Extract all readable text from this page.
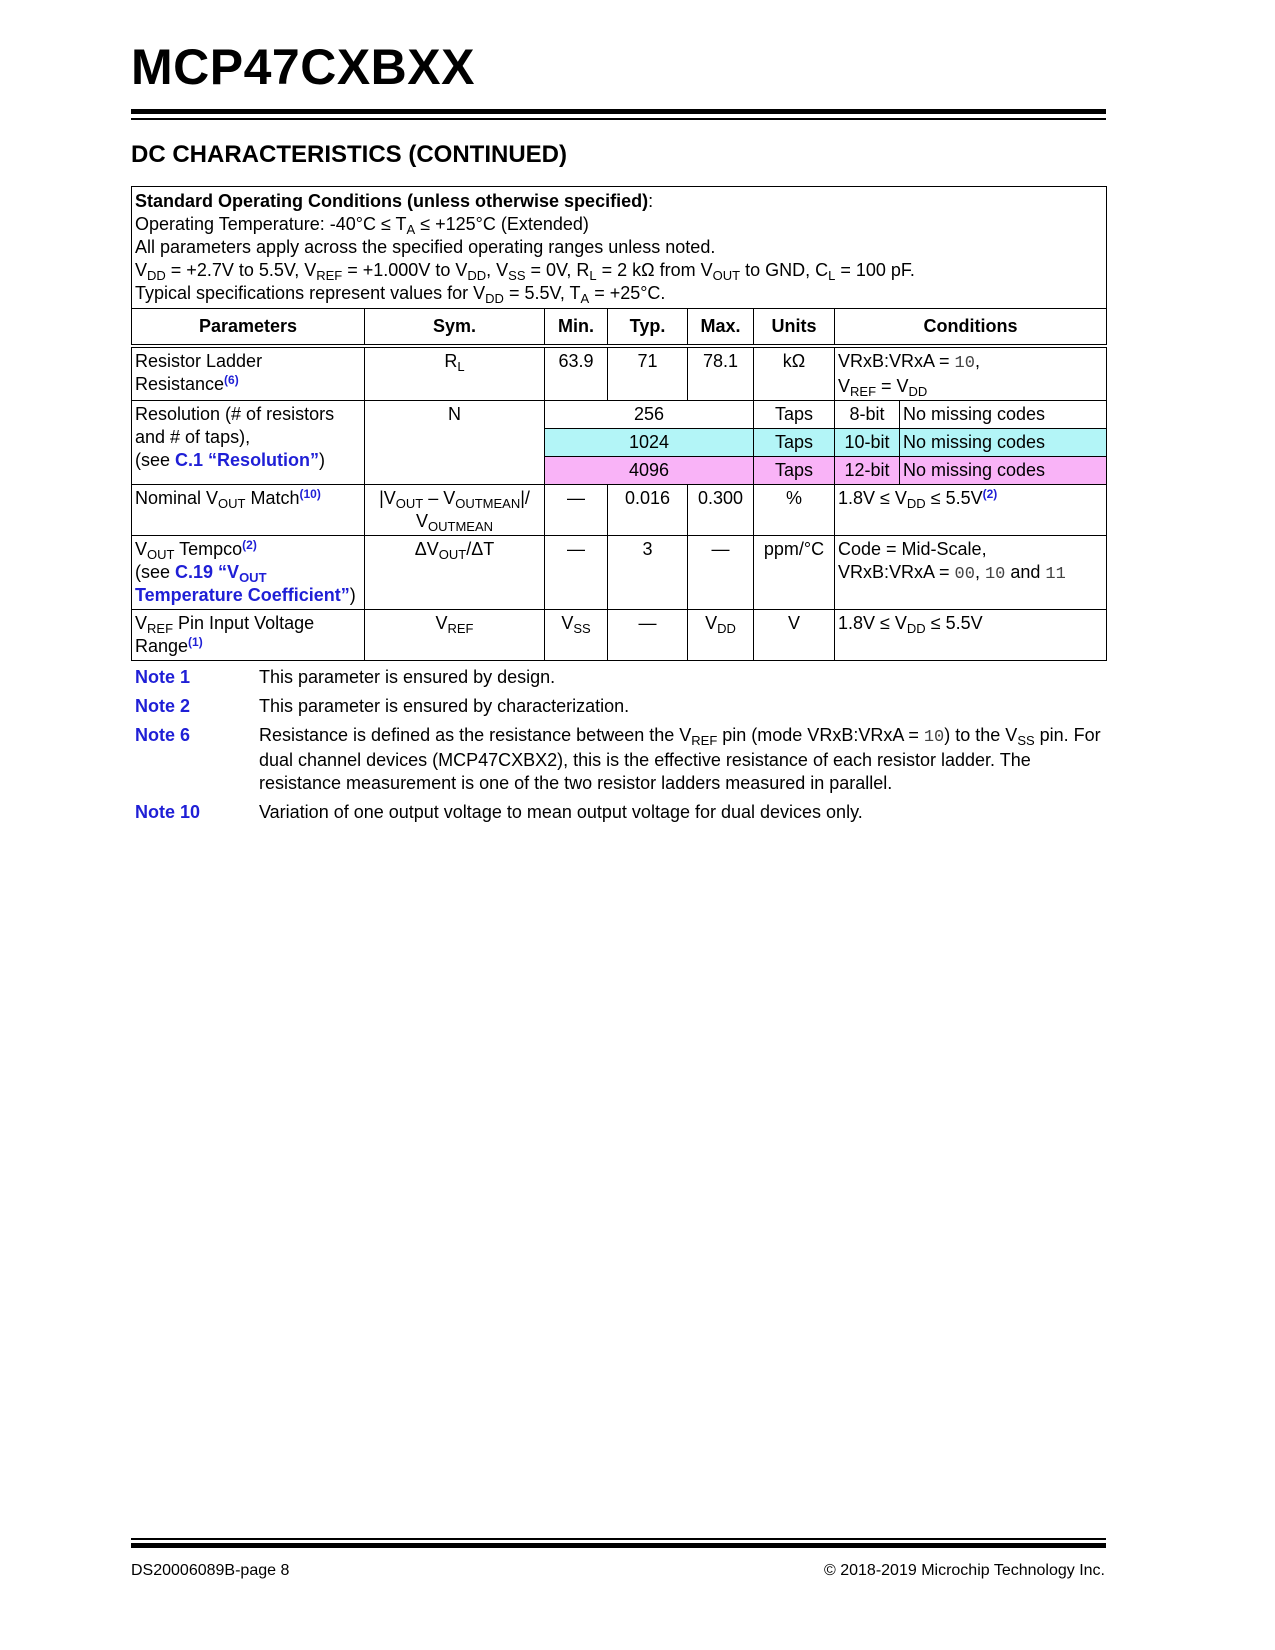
MCP47CXBXX
DC CHARACTERISTICS (CONTINUED)
Standard Operating Conditions (unless otherwise specified):
Operating Temperature: $-40^\circ C \le T_A \le +125^\circ C$ (Extended)
All parameters apply across the specified operating ranges unless noted.
$V_{DD} = +2.7V$ to 5.5V, $V_{REF} = +1.000V$ to $V_{DD}$, $V_{SS} = 0V$, $R_L = 2$ kΩ from $V_{OUT}$ to GND, $C_L = 100$ pF.
Typical specifications represent values for $V_{DD} = 5.5V$, $T_A = +25^\circ C$.							

Parameters	Sym.	Min.	Typ.	Max.	Units	Conditions	
Resistor Ladder Resistance$^{(6)}$	$R_L$	63.9	71	78.1	kΩ	VRxB:VRxA = 10,
$V_{REF} = V_{DD}$
Resolution (# of resistors and # of taps),
(see C.1 “Resolution”)	N	256			Taps	8-bit	No missing codes
		1024			Taps	10-bit	No missing codes
		4096			Taps	12-bit	No missing codes
Nominal $V_{OUT}$ Match$^{(10)}$	$|V_{OUT} - V_{OUTMEAN}|/$
$V_{OUTMEAN}$	—	0.016	0.300	%	$1.8V \le V_{DD} \le 5.5V^{(2)}$
$V_{OUT}$ Tempco$^{(2)}$
(see C.19 “$V_{OUT}$
Temperature Coefficient”)	$\Delta V_{OUT}/\Delta T$	—	3	—	ppm/°C	Code = Mid-Scale,
VRxB:VRxA = 00, 10 and 11	
$V_{REF}$ Pin Input Voltage Range$^{(1)}$	$V_{REF}$	$V_{SS}$	—	$V_{DD}$	V	$1.8V \le V_{DD} \le 5.5V$	
Note 1	This parameter is ensured by design.
Note 2	This parameter is ensured by characterization.
Note 6	Resistance is defined as the resistance between the $V_{REF}$ pin (mode VRxB:VRxA = 10) to the $V_{SS}$ pin. For dual channel devices (MCP47CXBX2), this is the effective resistance of each resistor ladder. The resistance measurement is one of the two resistor ladders measured in parallel.
Note 10	Variation of one output voltage to mean output voltage for dual devices only.
DS20006089B-page 8	© 2018-2019 Microchip Technology Inc.
